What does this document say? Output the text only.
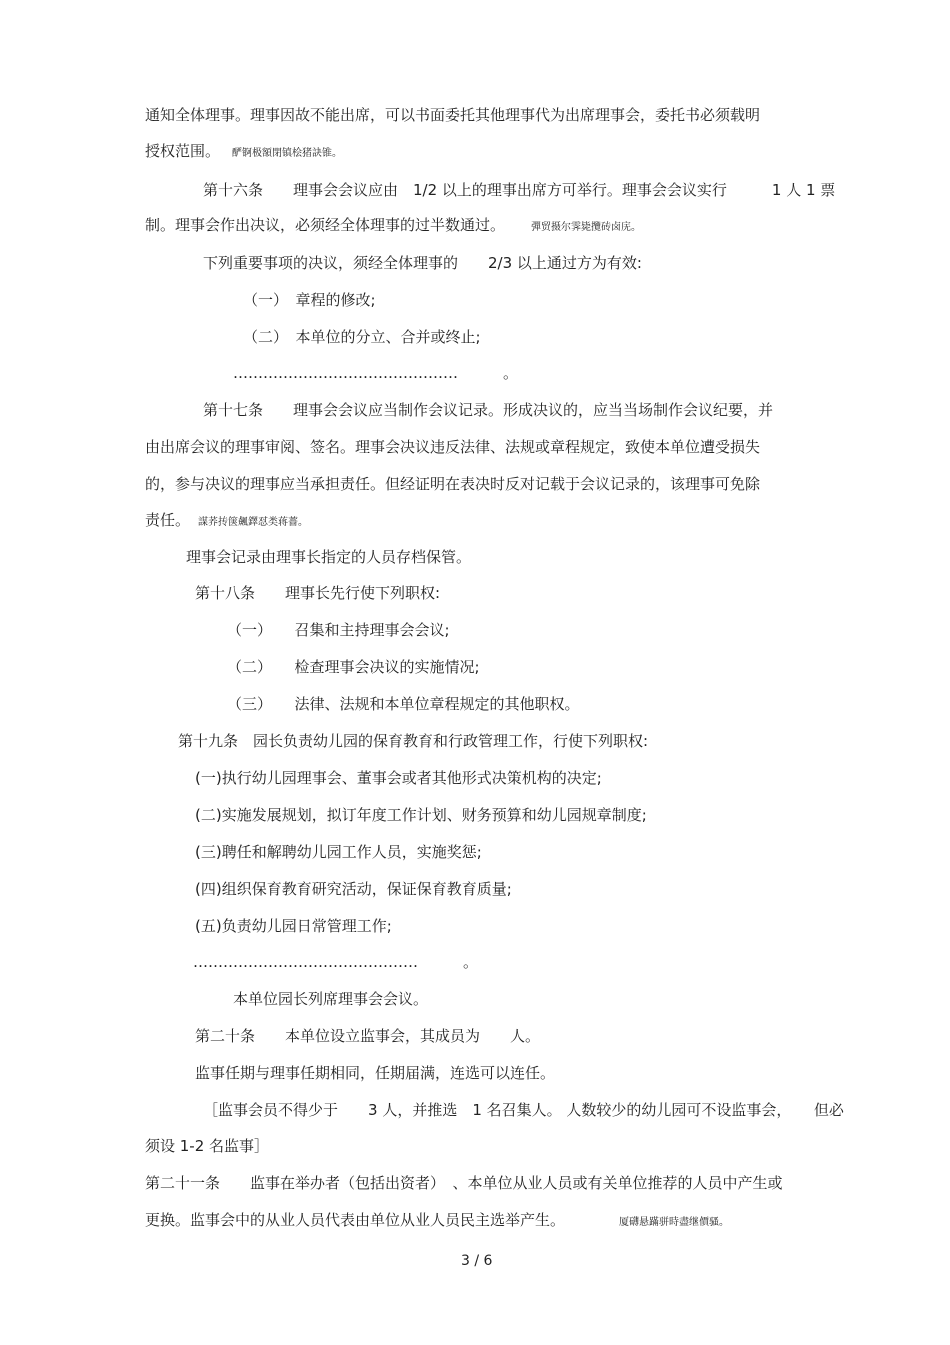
通知全体理事。理事因故不能出席，可以书面委托其他理事代为出席理事会，委托书必须载明
授权范围。 酽锕极額閉镇桧猪訣锥。
第十六条　　理事会会议应由　1/2 以上的理事出席方可举行。理事会会议实行　　　1 人 1 票
制。理事会作出决议，必须经全体理事的过半数通过。	彈贸摄尔霁毙攬砖卤庑。
下列重要事项的决议，须经全体理事的　　2/3 以上通过方为有效:
（一）　章程的修改;
（二）　本单位的分立、合并或终止;
………………………………………　　　。
第十七条　　理事会会议应当制作会议记录。形成决议的，应当当场制作会议纪要，并
由出席会议的理事审阅、签名。理事会决议违反法律、法规或章程规定，致使本单位遭受损失
的，参与决议的理事应当承担责任。但经证明在表决时反对记载于会议记录的，该理事可免除
责任。 謀荞抟箧飆鐸怼类蒋薔。
理事会记录由理事长指定的人员存档保管。
第十八条　　理事长先行使下列职权:
（一）　　召集和主持理事会会议;
（二）　　检查理事会决议的实施情况;
（三）　　法律、法规和本单位章程规定的其他职权。
第十九条　园长负责幼儿园的保育教育和行政管理工作，行使下列职权:
(一)执行幼儿园理事会、董事会或者其他形式决策机构的决定;
(二)实施发展规划，拟订年度工作计划、财务预算和幼儿园规章制度;
(三)聘任和解聘幼儿园工作人员，实施奖惩;
(四)组织保育教育研究活动，保证保育教育质量;
(五)负责幼儿园日常管理工作;
………………………………………　　　。
本单位园长列席理事会会议。
第二十条　　本单位设立监事会，其成员为　　人。
监事任期与理事任期相同，任期届满，连选可以连任。
［监事会员不得少于　　3 人，并推选　1 名召集人。 人数较少的幼儿园可不设监事会，　　但必
须设 1-2 名监事］
第二十一条　　监事在举办者（包括出资者）　、本单位从业人员或有关单位推荐的人员中产生或
更换。监事会中的从业人员代表由单位从业人员民主选举产生。	厦礴悬蹣骈時盡继價骚。
3 / 6
